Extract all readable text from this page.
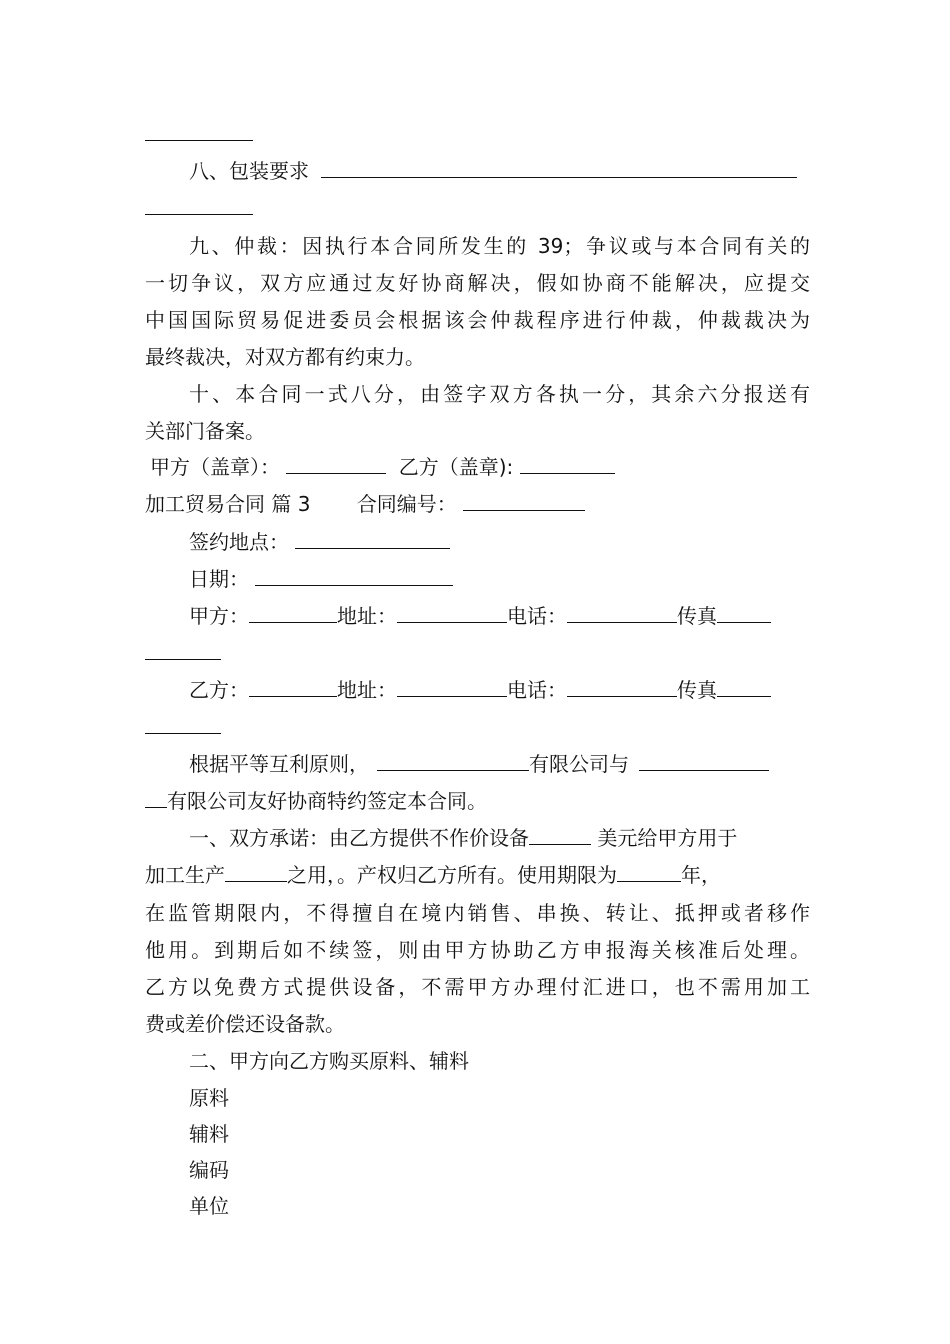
八、包装要求
九、仲裁：因执行本合同所发生的 39；争议或与本合同有关的
一切争议，双方应通过友好协商解决，假如协商不能解决，应提交
中国国际贸易促进委员会根据该会仲裁程序进行仲裁，仲裁裁决为
最终裁决，对双方都有约束力。
十、本合同一式八分，由签字双方各执一分，其余六分报送有
关部门备案。
甲方（盖章）：	乙方（盖章):
加工贸易合同 篇 3 合同编号：
签约地点：
日期：
甲方：	地址：	电话：	传真
乙方：	地址：	电话：	传真
根据平等互利原则，	有限公司与
有限公司友好协商特约签定本合同。
一、双方承诺：由乙方提供不作价设备	美元给甲方用于
加工生产	之用，。产权归乙方所有。使用期限为	年，
在监管期限内，不得擅自在境内销售、串换、转让、抵押或者移作
他用。到期后如不续签，则由甲方协助乙方申报海关核准后处理。
乙方以免费方式提供设备，不需甲方办理付汇进口，也不需用加工
费或差价偿还设备款。
二、甲方向乙方购买原料、辅料
原料
辅料
编码
单位
